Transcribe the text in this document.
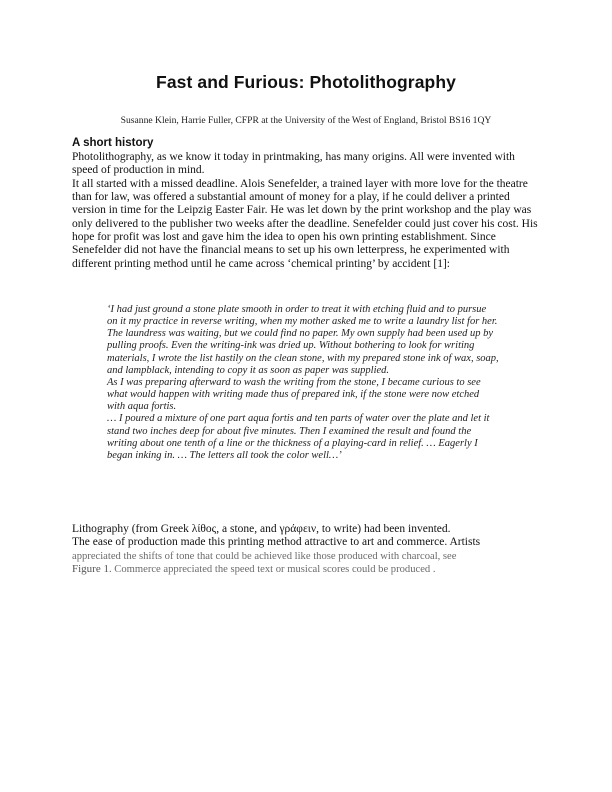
Fast and Furious: Photolithography
Susanne Klein, Harrie Fuller, CFPR at the University of the West of England, Bristol BS16 1QY
A short history

Photolithography, as we know it today in printmaking, has many origins. All were invented with speed of production in mind.

It all started with a missed deadline. Alois Senefelder, a trained layer with more love for the theatre than for law, was offered a substantial amount of money for a play, if he could deliver a printed version in time for the Leipzig Easter Fair. He was let down by the print workshop and the play was only delivered to the publisher two weeks after the deadline. Senefelder could just cover his cost. His hope for profit was lost and gave him the idea to open his own printing establishment. Since Senefelder did not have the financial means to set up his own letterpress, he experimented with different printing method until he came across ‘chemical printing’ by accident [1]:

‘I had just ground a stone plate smooth in order to treat it with etching fluid and to pursue on it my practice in reverse writing, when my mother asked me to write a laundry list for her. The laundress was waiting, but we could find no paper. My own supply had been used up by pulling proofs. Even the writing-ink was dried up. Without bothering to look for writing materials, I wrote the list hastily on the clean stone, with my prepared stone ink of wax, soap, and lampblack, intending to copy it as soon as paper was supplied.

As I was preparing afterward to wash the writing from the stone, I became curious to see what would happen with writing made thus of prepared ink, if the stone were now etched with aqua fortis.

… I poured a mixture of one part aqua fortis and ten parts of water over the plate and let it stand two inches deep for about five minutes. Then I examined the result and found the writing about one tenth of a line or the thickness of a playing-card in relief. … Eagerly I began inking in. … The letters all took the color well…’

Lithography (from Greek λίθος, a stone, and γράφειν, to write) had been invented.

The ease of production made this printing method attractive to art and commerce. Artists

appreciated the shifts of tone that could be achieved like those produced with charcoal, see
Figure 1. Commerce appreciated the speed text or musical scores could be produced .
